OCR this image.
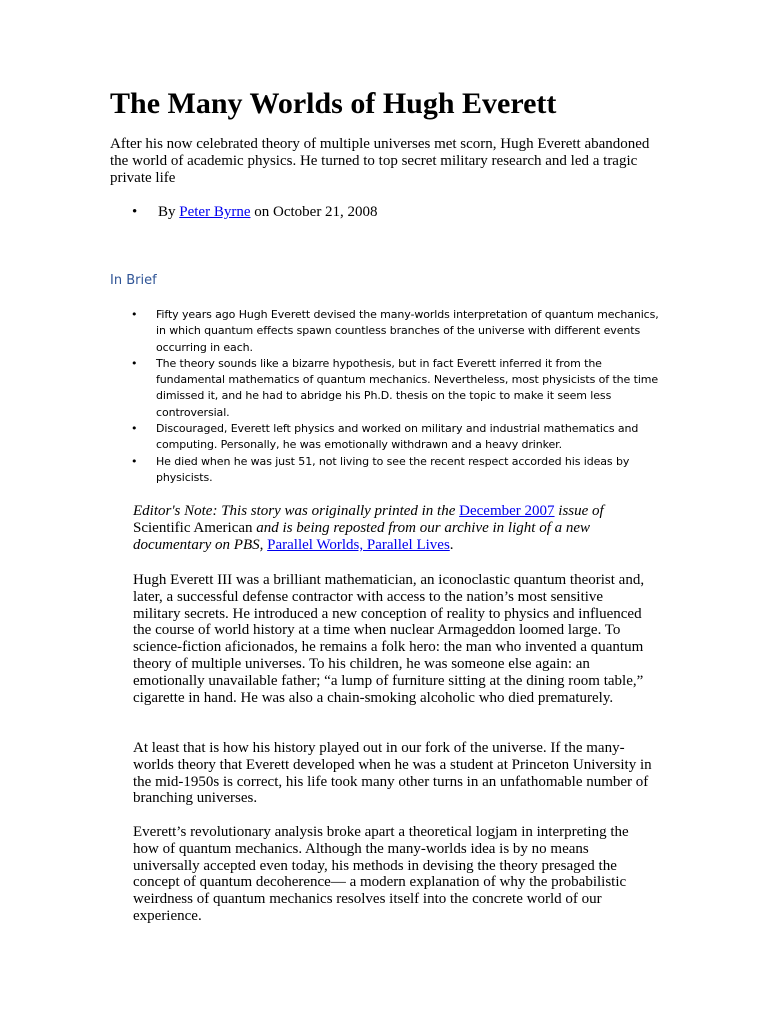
The Many Worlds of Hugh Everett

After his now celebrated theory of multiple universes met scorn, Hugh Everett abandoned the world of academic physics. He turned to top secret military research and led a tragic private life

• By Peter Byrne on October 21, 2008
In Brief
• Fifty years ago Hugh Everett devised the many-worlds interpretation of quantum mechanics, in which quantum effects spawn countless branches of the universe with different events occurring in each.
• The theory sounds like a bizarre hypothesis, but in fact Everett inferred it from the fundamental mathematics of quantum mechanics. Nevertheless, most physicists of the time dimissed it, and he had to abridge his Ph.D. thesis on the topic to make it seem less controversial.
• Discouraged, Everett left physics and worked on military and industrial mathematics and computing. Personally, he was emotionally withdrawn and a heavy drinker.
• He died when he was just 51, not living to see the recent respect accorded his ideas by physicists.

Editor's Note: This story was originally printed in the December 2007 issue of Scientific American and is being reposted from our archive in light of a new documentary on PBS, Parallel Worlds, Parallel Lives.

Hugh Everett III was a brilliant mathematician, an iconoclastic quantum theorist and, later, a successful defense contractor with access to the nation’s most sensitive military secrets. He introduced a new conception of reality to physics and influenced the course of world history at a time when nuclear Armageddon loomed large. To science-fiction aficionados, he remains a folk hero: the man who invented a quantum theory of multiple universes. To his children, he was someone else again: an emotionally unavailable father; “a lump of furniture sitting at the dining room table,” cigarette in hand. He was also a chain-smoking alcoholic who died prematurely.

At least that is how his history played out in our fork of the universe. If the many-worlds theory that Everett developed when he was a student at Princeton University in the mid-1950s is correct, his life took many other turns in an unfathomable number of branching universes.

Everett’s revolutionary analysis broke apart a theoretical logjam in interpreting the how of quantum mechanics. Although the many-worlds idea is by no means universally accepted even today, his methods in devising the theory presaged the concept of quantum decoherence— a modern explanation of why the probabilistic weirdness of quantum mechanics resolves itself into the concrete world of our experience.
